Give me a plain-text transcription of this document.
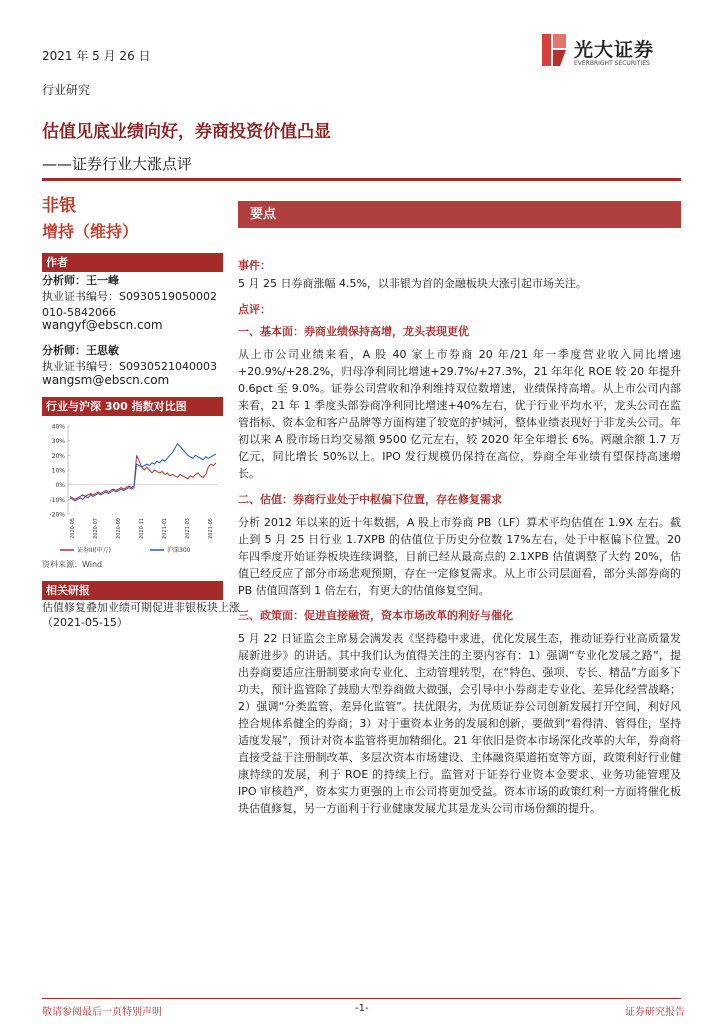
2021 年 5 月 26 日
行业研究
估值见底业绩向好，券商投资价值凸显
——证券行业大涨点评
光大证券
EVERBRIGHT SECURITIES
非银
增持（维持）
作者
分析师：王一峰
执业证书编号：S0930519050002
010-5842066
wangyf@ebscn.com
分析师：王思敏
执业证书编号：S0930521040003
wangsm@ebscn.com
行业与沪深 300 指数对比图
40%
30%
20%
10%
0%
-10%
-20%
2020-05	2020-07	2020-09	2020-11	2021-01	2021-03	2021-05
证券III(申万)	沪深300
资料来源：Wind
相关研报
估值修复叠加业绩可期促进非银板块上涨
（2021-05-15）
要点
事件：
5 月 25 日券商涨幅 4.5%，以非银为首的金融板块大涨引起市场关注。
点评：
一、基本面：券商业绩保持高增，龙头表现更优
从上市公司业绩来看，A 股 40 家上市券商 20 年/21 年一季度营业收入同比增速+20.9%/+28.2%，归母净利同比增速+29.7%/+27.3%，21 年年化 ROE 较 20 年提升 0.6pct 至 9.0%。证券公司营收和净利维持双位数增速，业绩保持高增。从上市公司内部来看，21 年 1 季度头部券商净利同比增速+40%左右，优于行业平均水平，龙头公司在监管指标、资本金和客户品牌等方面构建了较宽的护城河，整体业绩表现好于非龙头公司。年初以来 A 股市场日均交易额 9500 亿元左右，较 2020 年全年增长 6%。两融余额 1.7 万亿元，同比增长 50%以上。IPO 发行规模仍保持在高位，券商全年业绩有望保持高速增长。
二、估值：券商行业处于中枢偏下位置，存在修复需求
分析 2012 年以来的近十年数据，A 股上市券商 PB（LF）算术平均估值在 1.9X 左右。截止到 5 月 25 日行业 1.7XPB 的估值位于历史分位数 17%左右，处于中枢偏下位置。20 年四季度开始证券板块连续调整，目前已经从最高点的 2.1XPB 估值调整了大约 20%，估值已经反应了部分市场悲观预期，存在一定修复需求。从上市公司层面看，部分头部券商的 PB 估值回落到 1 倍左右，有更大的估值修复空间。
三、政策面：促进直接融资，资本市场改革的利好与催化
5 月 22 日证监会主席易会满发表《坚持稳中求进，优化发展生态，推动证券行业高质量发展新进步》的讲话。其中我们认为值得关注的主要内容有：1）强调“专业化发展之路”，提出券商要适应注册制要求向专业化、主动管理转型，在“特色、强项、专长、精品”方面多下功夫，预计监管除了鼓励大型券商做大做强，会引导中小券商走专业化、差异化经营战略；2）强调“分类监管，差异化监管”。扶优限劣，为优质证券公司创新发展打开空间，利好风控合规体系健全的券商；3）对于重资本业务的发展和创新，要做到“看得清、管得住，坚持适度发展”，预计对资本监管将更加精细化。21 年依旧是资本市场深化改革的大年，券商将直接受益于注册制改革、多层次资本市场建设、主体融资渠道拓宽等方面，政策利好行业健康持续的发展，利于 ROE 的持续上行。监管对于证券行业资本金要求、业务功能管理及 IPO 审核趋严，资本实力更强的上市公司将更加受益。资本市场的政策红利一方面将催化板块估值修复，另一方面利于行业健康发展尤其是龙头公司市场份额的提升。
敬请参阅最后一页特别声明	-1-	证券研究报告
